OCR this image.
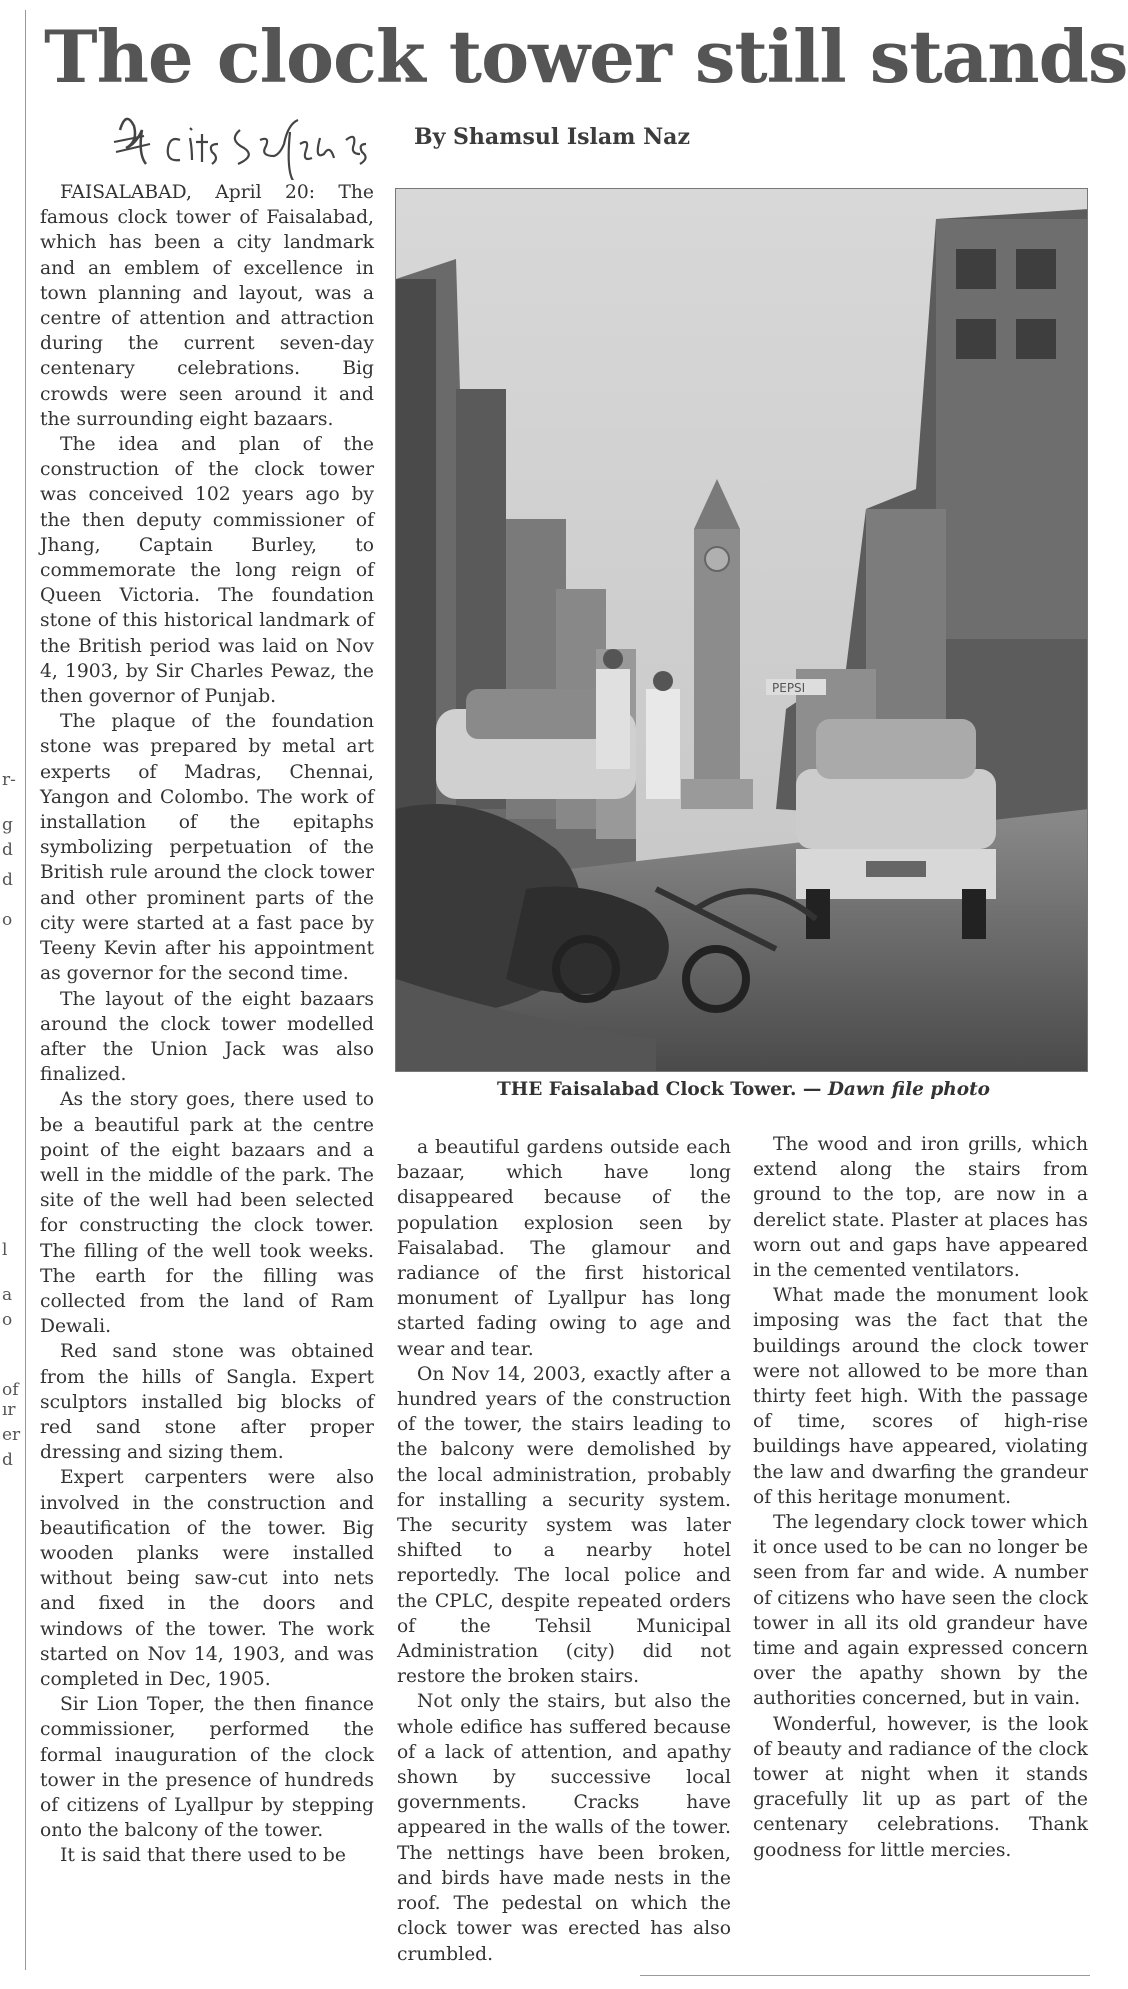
r-
g
d
d
o
l
a
o
of
ır
er
d
The clock tower still stands
By Shamsul Islam Naz

FAISALABAD, April 20: The famous clock tower of Faisalabad, which has been a city landmark and an emblem of excellence in town planning and layout, was a centre of attention and attraction during the current seven-day centenary celebrations. Big crowds were seen around it and the surrounding eight bazaars.

The idea and plan of the construction of the clock tower was conceived 102 years ago by the then deputy commissioner of Jhang, Captain Burley, to commemorate the long reign of Queen Victoria. The foundation stone of this historical landmark of the British period was laid on Nov 4, 1903, by Sir Charles Pewaz, the then governor of Punjab.

The plaque of the foundation stone was prepared by metal art experts of Madras, Chennai, Yangon and Colombo. The work of installation of the epitaphs symbolizing perpetuation of the British rule around the clock tower and other prominent parts of the city were started at a fast pace by Teeny Kevin after his appointment as governor for the second time.

The layout of the eight bazaars around the clock tower modelled after the Union Jack was also finalized.

As the story goes, there used to be a beautiful park at the centre point of the eight bazaars and a well in the middle of the park. The site of the well had been selected for constructing the clock tower. The filling of the well took weeks. The earth for the filling was collected from the land of Ram Dewali.

Red sand stone was obtained from the hills of Sangla. Expert sculptors installed big blocks of red sand stone after proper dressing and sizing them.

Expert carpenters were also involved in the construction and beautification of the tower. Big wooden planks were installed without being saw-cut into nets and fixed in the doors and windows of the tower. The work started on Nov 14, 1903, and was completed in Dec, 1905.

Sir Lion Toper, the then finance commissioner, performed the formal inauguration of the clock tower in the presence of hundreds of citizens of Lyallpur by stepping onto the balcony of the tower.

It is said that there used to be

PEPSI
THE Faisalabad Clock Tower. — Dawn file photo

a beautiful gardens outside each bazaar, which have long disappeared because of the population explosion seen by Faisalabad. The glamour and radiance of the first historical monument of Lyallpur has long started fading owing to age and wear and tear.

On Nov 14, 2003, exactly after a hundred years of the construction of the tower, the stairs leading to the balcony were demolished by the local administration, probably for installing a security system. The security system was later shifted to a nearby hotel reportedly. The local police and the CPLC, despite repeated orders of the Tehsil Municipal Administration (city) did not restore the broken stairs.

Not only the stairs, but also the whole edifice has suffered because of a lack of attention, and apathy shown by successive local governments. Cracks have appeared in the walls of the tower. The nettings have been broken, and birds have made nests in the roof. The pedestal on which the clock tower was erected has also crumbled.

The wood and iron grills, which extend along the stairs from ground to the top, are now in a derelict state. Plaster at places has worn out and gaps have appeared in the cemented ventilators.

What made the monument look imposing was the fact that the buildings around the clock tower were not allowed to be more than thirty feet high. With the passage of time, scores of high-rise buildings have appeared, violating the law and dwarfing the grandeur of this heritage monument.

The legendary clock tower which it once used to be can no longer be seen from far and wide. A number of citizens who have seen the clock tower in all its old grandeur have time and again expressed concern over the apathy shown by the authorities concerned, but in vain.

Wonderful, however, is the look of beauty and radiance of the clock tower at night when it stands gracefully lit up as part of the centenary celebrations. Thank goodness for little mercies.
